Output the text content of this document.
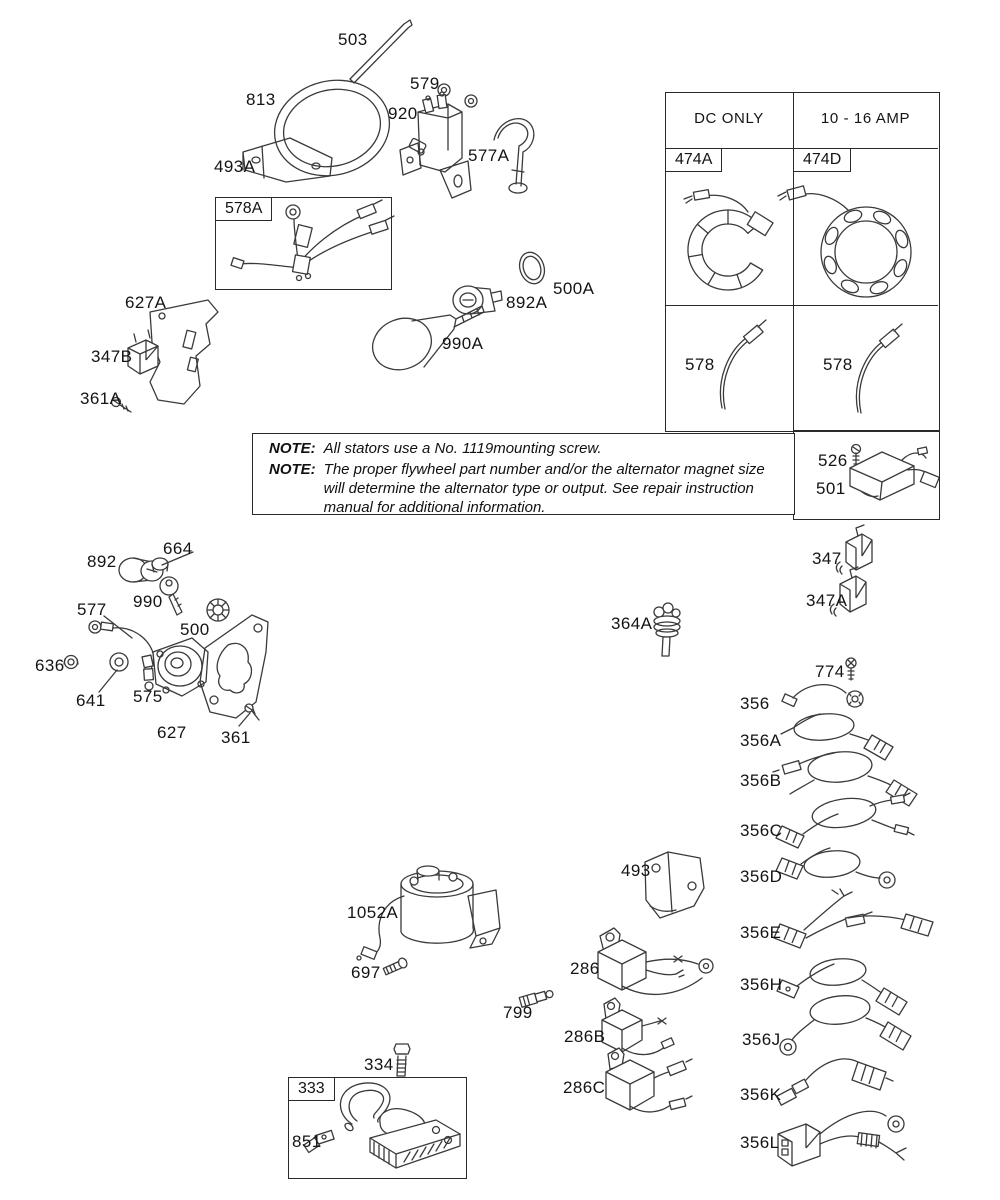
DC ONLY	10 - 16 AMP
474A	474D
578A
333
NOTE: All stators use a No. 1119mounting screw.
NOTE: The proper flywheel part number and/or the alternator magnet size will determine the alternator type or output. See repair instruction manual for additional information.
503
813
579
920
577A
493A
627A
347B
361A
500A
892A
990A
578	578
526
501
347
347A
664
892
990
577
500
636
641 575
627 361
364A
774
356
356A
356B
356C
356D
356E
356H
356J
356K
356L
1052A
697
493
286
799
286B
286C
334
851
